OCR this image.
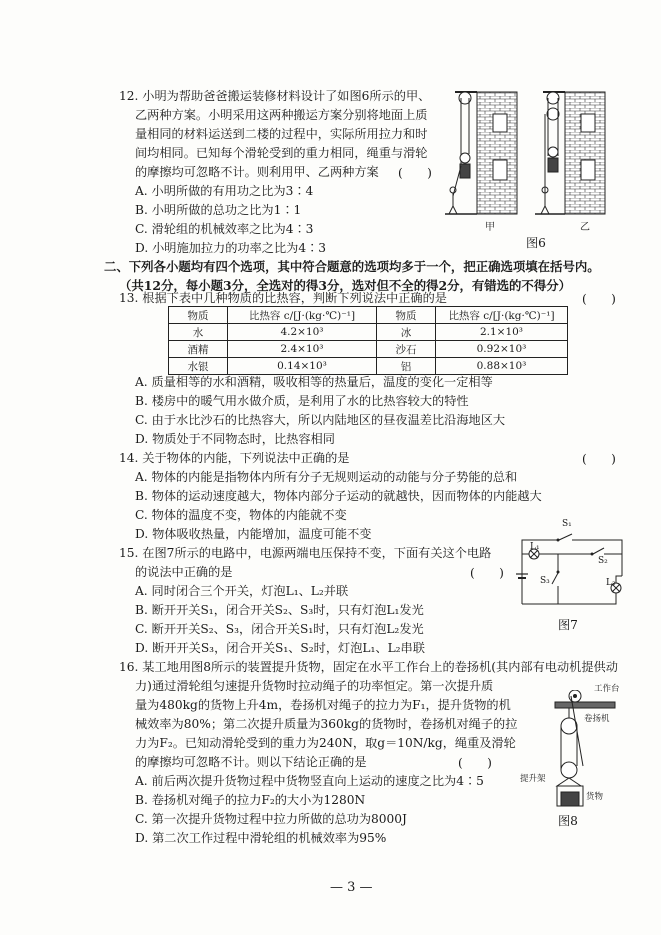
12. 小明为帮助爸爸搬运装修材料设计了如图6所示的甲、
乙两种方案。小明采用这两种搬运方案分别将地面上质
量相同的材料运送到二楼的过程中，实际所用拉力和时
间均相同。已知每个滑轮受到的重力相同，绳重与滑轮
的摩擦均可忽略不计。则利用甲、乙两种方案 (　　)
A. 小明所做的有用功之比为3∶4
B. 小明所做的总功之比为1∶1
C. 滑轮组的机械效率之比为4∶3
D. 小明施加拉力的功率之比为4∶3
甲	乙
图6
二、下列各小题均有四个选项，其中符合题意的选项均多于一个，把正确选项填在括号内。
（共12分，每小题3分，全选对的得3分，选对但不全的得2分，有错选的不得分）
13. 根据下表中几种物质的比热容，判断下列说法中正确的是	(　　)
物质	比热容 c/[J·(kg·℃)⁻¹]	物质	比热容 c/[J·(kg·℃)⁻¹]
水	4.2×10³	冰	2.1×10³
酒精	2.4×10³	沙石	0.92×10³
水银	0.14×10³	铝	0.88×10³
A. 质量相等的水和酒精，吸收相等的热量后，温度的变化一定相等
B. 楼房中的暖气用水做介质，是利用了水的比热容较大的特性
C. 由于水比沙石的比热容大，所以内陆地区的昼夜温差比沿海地区大
D. 物质处于不同物态时，比热容相同
14. 关于物体的内能，下列说法中正确的是	(　　)
A. 物体的内能是指物体内所有分子无规则运动的动能与分子势能的总和
B. 物体的运动速度越大，物体内部分子运动的就越快，因而物体的内能越大
C. 物体的温度不变，物体的内能就不变
D. 物体吸收热量，内能增加，温度可能不变
15. 在图7所示的电路中，电源两端电压保持不变，下面有关这个电路
的说法中正确的是	(　　)
A. 同时闭合三个开关，灯泡L₁、L₂并联
B. 断开开关S₁，闭合开关S₂、S₃时，只有灯泡L₁发光
C. 断开开关S₂、S₃，闭合开关S₁时，只有灯泡L₂发光
D. 断开开关S₃，闭合开关S₁、S₂时，灯泡L₁、L₂串联
S₁
L₁
S₂
S₃	L₂
图7
16. 某工地用图8所示的装置提升货物，固定在水平工作台上的卷扬机(其内部有电动机提供动
力)通过滑轮组匀速提升货物时拉动绳子的功率恒定。第一次提升质
量为480kg的货物上升4m，卷扬机对绳子的拉力为F₁，提升货物的机
械效率为80%；第二次提升质量为360kg的货物时，卷扬机对绳子的拉
力为F₂。已知动滑轮受到的重力为240N，取g＝10N/kg，绳重及滑轮
的摩擦均可忽略不计。则以下结论正确的是	(　　)
A. 前后两次提升货物过程中货物竖直向上运动的速度之比为4∶5
B. 卷扬机对绳子的拉力F₂的大小为1280N
C. 第一次提升货物过程中拉力所做的总功为8000J
D. 第二次工作过程中滑轮组的机械效率为95%
工作台
卷扬机
提升架
货物
图8
— 3 —
